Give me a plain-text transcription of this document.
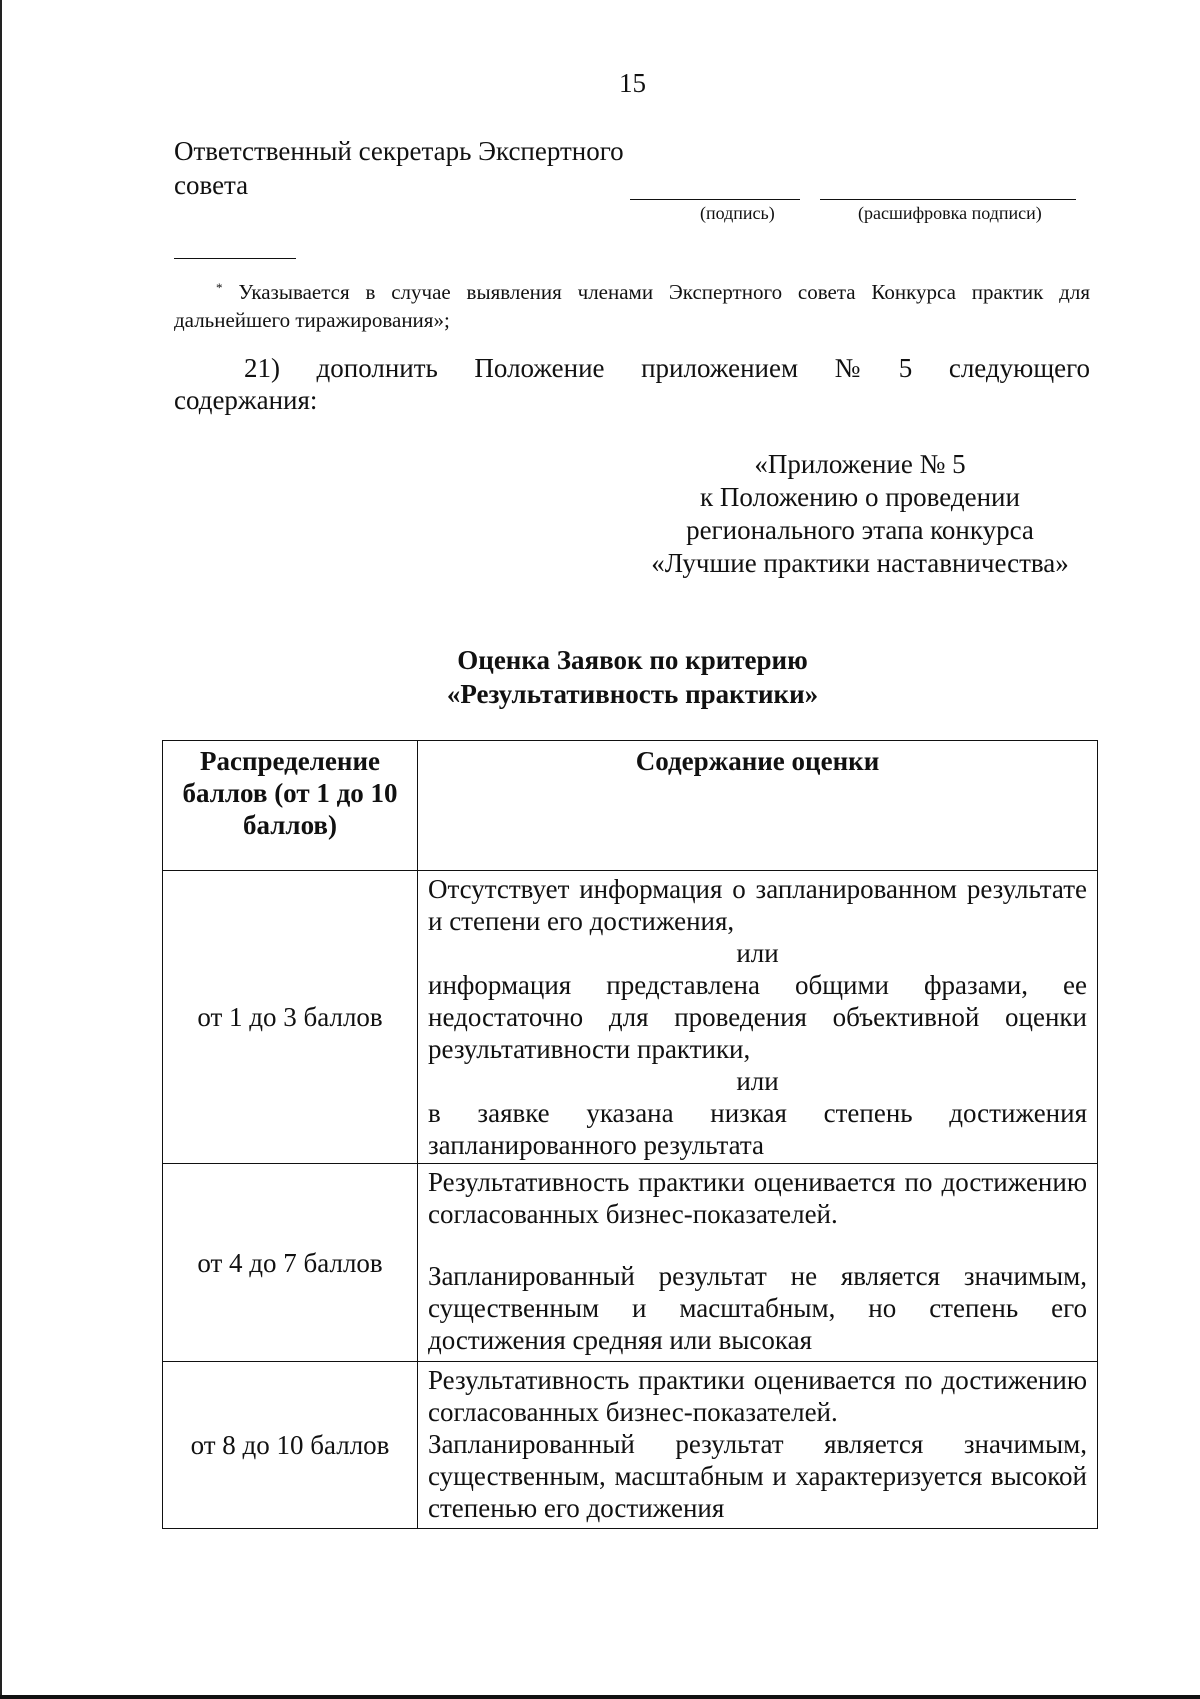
15
Ответственный секретарь Экспертного совета
(подпись)	(расшифровка подписи)
* Указывается в случае выявления членами Экспертного совета Конкурса практик для дальнейшего тиражирования»;
21) дополнить Положение приложением № 5 следующего содержания:
«Приложение № 5
к Положению о проведении
регионального этапа конкурса
«Лучшие практики наставничества»
Оценка Заявок по критерию
«Результативность практики»
Распределение баллов (от 1 до 10 баллов)	Содержание оценки
от 1 до 3 баллов	Отсутствует информация о запланированном результате и степени его достижения,
или
информация представлена общими фразами, ее недостаточно для проведения объективной оценки результативности практики,
или
в заявке указана низкая степень достижения запланированного результата

от 4 до 7 баллов	Результативность практики оценивается по достижению согласованных бизнес-показателей.
Запланированный результат не является значимым, существенным и масштабным, но степень его достижения средняя или высокая

от 8 до 10 баллов	Результативность практики оценивается по достижению согласованных бизнес-показателей.
Запланированный результат является значимым, существенным, масштабным и характеризуется высокой степенью его достижения
